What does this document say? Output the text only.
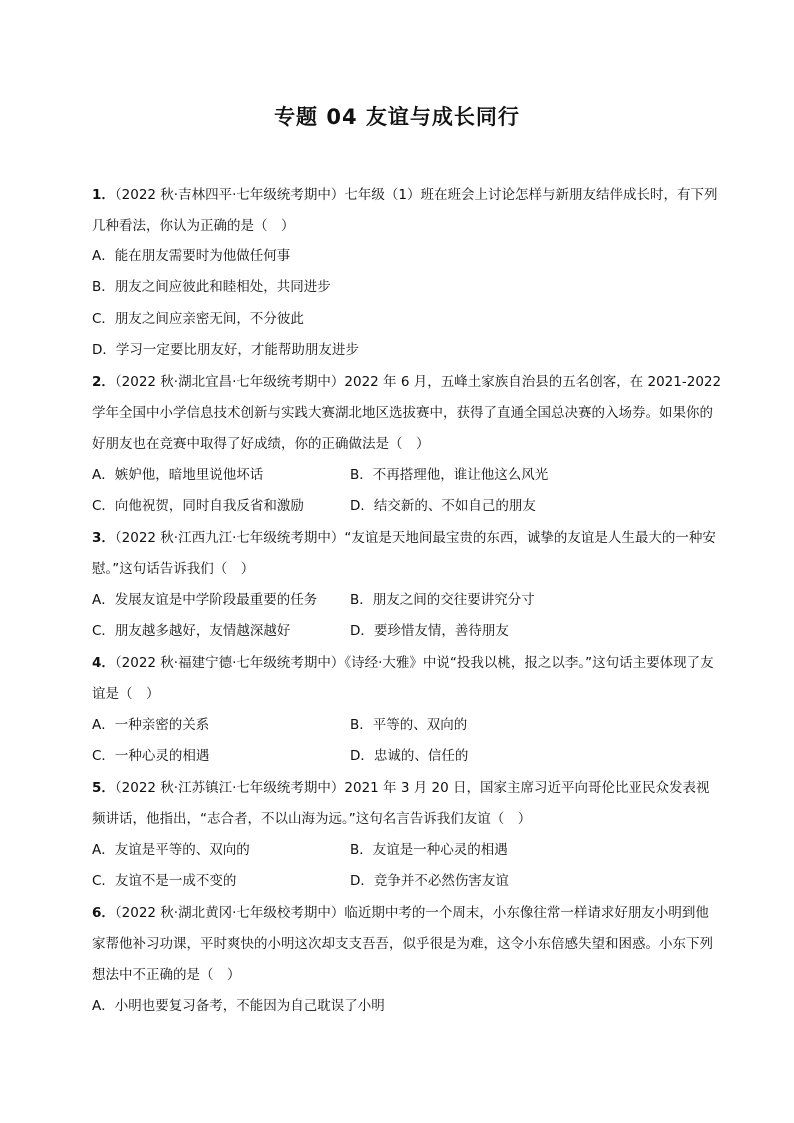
专题 04 友谊与成长同行
1．（2022 秋·吉林四平·七年级统考期中）七年级（1）班在班会上讨论怎样与新朋友结伴成长时，有下列几种看法，你认为正确的是（　）
A．能在朋友需要时为他做任何事
B．朋友之间应彼此和睦相处，共同进步
C．朋友之间应亲密无间，不分彼此
D．学习一定要比朋友好，才能帮助朋友进步
2．（2022 秋·湖北宜昌·七年级统考期中）2022 年 6 月，五峰土家族自治县的五名创客，在 2021-2022 学年全国中小学信息技术创新与实践大赛湖北地区选拔赛中，获得了直通全国总决赛的入场券。如果你的好朋友也在竞赛中取得了好成绩，你的正确做法是（　）
A．嫉妒他，暗地里说他坏话	B．不再搭理他，谁让他这么风光
C．向他祝贺，同时自我反省和激励	D．结交新的、不如自己的朋友
3．（2022 秋·江西九江·七年级统考期中）“友谊是天地间最宝贵的东西，诚挚的友谊是人生最大的一种安慰。”这句话告诉我们（　）
A．发展友谊是中学阶段最重要的任务 B．朋友之间的交往要讲究分寸
C．朋友越多越好，友情越深越好	D．要珍惜友情，善待朋友
4．（2022 秋·福建宁德·七年级统考期中）《诗经·大雅》中说“投我以桃，报之以李。”这句话主要体现了友谊是（　）
A．一种亲密的关系	B．平等的、双向的
C．一种心灵的相遇	D．忠诚的、信任的
5．（2022 秋·江苏镇江·七年级统考期中）2021 年 3 月 20 日，国家主席习近平向哥伦比亚民众发表视频讲话，他指出，“志合者，不以山海为远。”这句名言告诉我们友谊（　）
A．友谊是平等的、双向的	B．友谊是一种心灵的相遇
C．友谊不是一成不变的	D．竞争并不必然伤害友谊
6．（2022 秋·湖北黄冈·七年级校考期中）临近期中考的一个周末，小东像往常一样请求好朋友小明到他家帮他补习功课，平时爽快的小明这次却支支吾吾，似乎很是为难，这令小东倍感失望和困惑。小东下列想法中不正确的是（　）
A．小明也要复习备考，不能因为自己耽误了小明
